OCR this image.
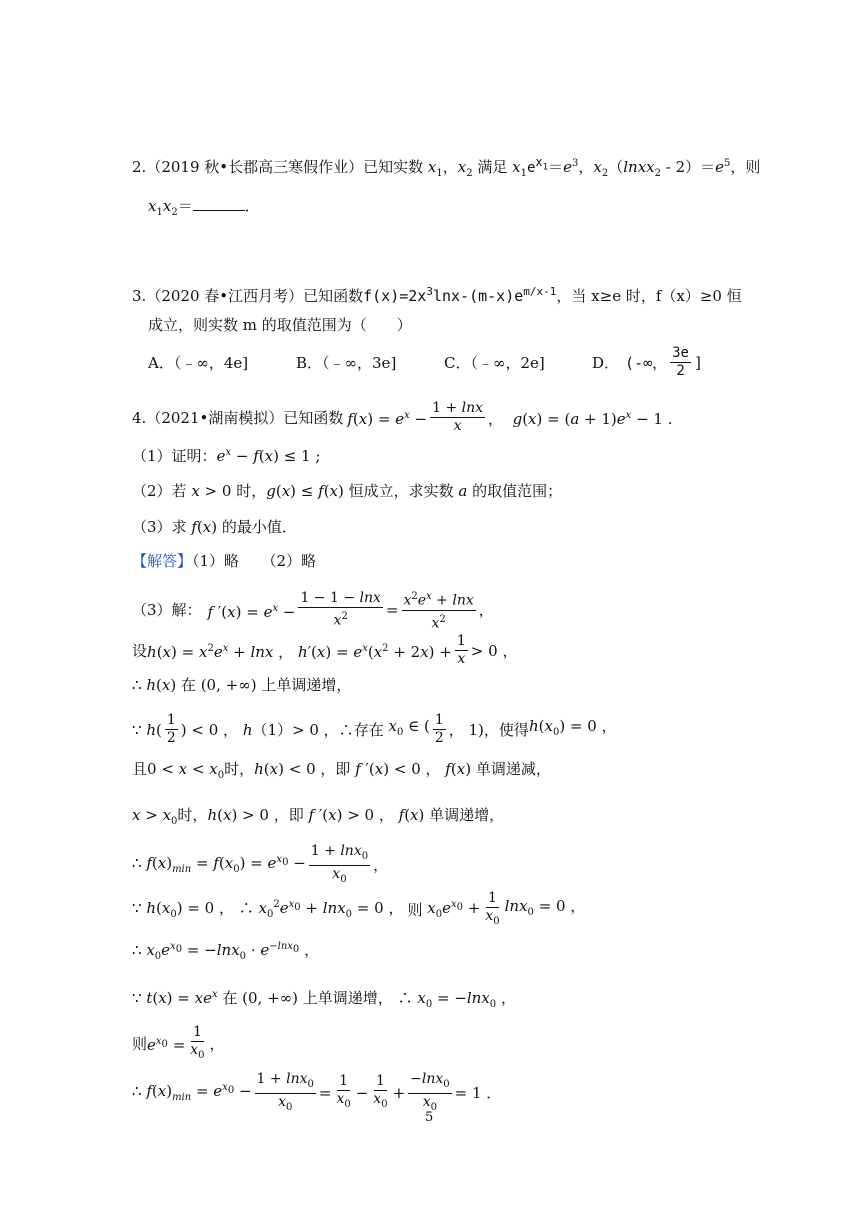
2.（2019 秋•长郡高三寒假作业）已知实数 $x_1$，$x_2$ 满足 $x_1e^{x_1}=e^3$，$x_2(lnxx_2 - 2)=e^5$，则
$x_1x_2=$	．
3.（2020 春•江西月考）已知函数$f(x)=2x^3\ln x-(m-x)e^{m/x-1}$，当 x≥e 时，f（x）≥0 恒
成立，则实数 m 的取值范围为（　　）
A．（﹣∞，4e]	B．（﹣∞，3e]	C．（﹣∞，2e]	D． (-∞， $\frac{3e}{2}$ ]
4. （2021•湖南模拟） 已知函数 $f(x) = e^x - \frac{1 + \ln x}{x}$ ，  $g(x) = (a + 1)e^x - 1$ .
（1）证明：$e^x - f(x) \le 1$ ;
（2）若 x > 0 时，g(x) ≤ f(x) 恒成立，求实数 a 的取值范围；
（3）求 f(x) 的最小值．
【解答】（1）略　　（2）略
（3）解： f $'(x) = e^x - \frac{1 - 1 - \ln x}{x^2} = \frac{x^2e^x + \ln x}{x^2}$ ，
设 $h(x) = x^2e^x + \ln x$ ， $h'(x) = e^x(x^2 + 2x) + \frac{1}{x} > 0$ ，
∴ h(x) 在 (0, +∞) 上单调递增，
∵ $h( \frac{1}{2}$ ) < 0 ， h （1） > 0 ，∴ 存在 $x_0$ ∈ ( $\frac{1}{2}$ ， 1) ，使得 $h(x_0) = 0$ ，
且$0 < x < x_0$时，h(x) < 0 ，即 f ′(x) < 0 ， f(x) 单调递减，
$x > x_0$时，h(x) > 0 ，即 f ′(x) > 0 ， f(x) 单调递增，
∴ $f(x)_{min} = f(x_0) = e^{x_0} - \frac{1 + \ln x_0}{x_0}$ ，
∵ $h(x_0) = 0$ ， ∴ $x_0^2e^{x_0} + \ln x_0 = 0$ ， 则 $x_0e^{x_0} + \frac{1}{x_0} \ln x_0 = 0$ ，
∴ $x_0e^{x_0} = -\ln x_0 \cdot e^{-lnx_0}$ ，
∵ $t(x) = xe^x$ 在 (0, +∞) 上单调递增， ∴ $x_0 = -\ln x_0$ ，
则 $e^{x_0} = \frac{1}{x_0}$ ，
∴ $f(x)_{min} = e^{x_0} - \frac{1 + \ln x_0}{x_0} = \frac{1}{x_0} - \frac{1}{x_0} + \frac{-\ln x_0}{x_0} = 1$ ．
5
